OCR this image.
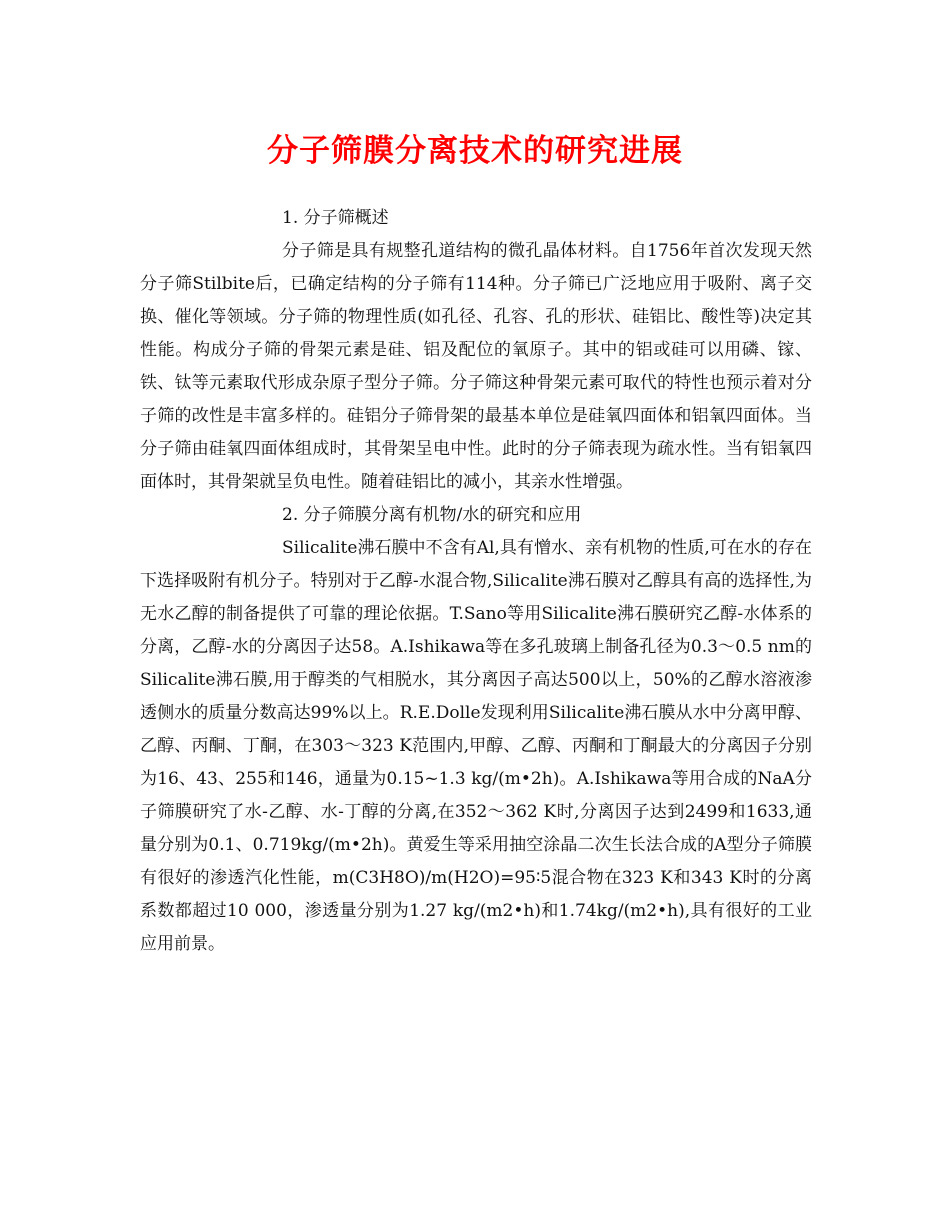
分子筛膜分离技术的研究进展

1. 分子筛概述

分子筛是具有规整孔道结构的微孔晶体材料。自1756年首次发现天然分子筛Stilbite后，已确定结构的分子筛有114种。分子筛已广泛地应用于吸附、离子交换、催化等领域。分子筛的物理性质(如孔径、孔容、孔的形状、硅铝比、酸性等)决定其性能。构成分子筛的骨架元素是硅、铝及配位的氧原子。其中的铝或硅可以用磷、镓、铁、钛等元素取代形成杂原子型分子筛。分子筛这种骨架元素可取代的特性也预示着对分子筛的改性是丰富多样的。硅铝分子筛骨架的最基本单位是硅氧四面体和铝氧四面体。当分子筛由硅氧四面体组成时，其骨架呈电中性。此时的分子筛表现为疏水性。当有铝氧四面体时，其骨架就呈负电性。随着硅铝比的减小，其亲水性增强。

2. 分子筛膜分离有机物/水的研究和应用

Silicalite沸石膜中不含有Al,具有憎水、亲有机物的性质,可在水的存在下选择吸附有机分子。特别对于乙醇-水混合物,Silicalite沸石膜对乙醇具有高的选择性,为无水乙醇的制备提供了可靠的理论依据。T.Sano等用Silicalite沸石膜研究乙醇-水体系的分离，乙醇-水的分离因子达58。A.Ishikawa等在多孔玻璃上制备孔径为0.3～0.5 nm的Silicalite沸石膜,用于醇类的气相脱水，其分离因子高达500以上，50%的乙醇水溶液渗透侧水的质量分数高达99%以上。R.E.Dolle发现利用Silicalite沸石膜从水中分离甲醇、乙醇、丙酮、丁酮，在303～323 K范围内,甲醇、乙醇、丙酮和丁酮最大的分离因子分别为16、43、255和146，通量为0.15~1.3 kg/(m•2h)。A.Ishikawa等用合成的NaA分子筛膜研究了水-乙醇、水-丁醇的分离,在352～362 K时,分离因子达到2499和1633,通量分别为0.1、0.719kg/(m•2h)。黄爱生等采用抽空涂晶二次生长法合成的A型分子筛膜有很好的渗透汽化性能，m(C3H8O)/m(H2O)=95∶5混合物在323 K和343 K时的分离系数都超过10 000，渗透量分别为1.27 kg/(m2•h)和1.74kg/(m2•h),具有很好的工业应用前景。
